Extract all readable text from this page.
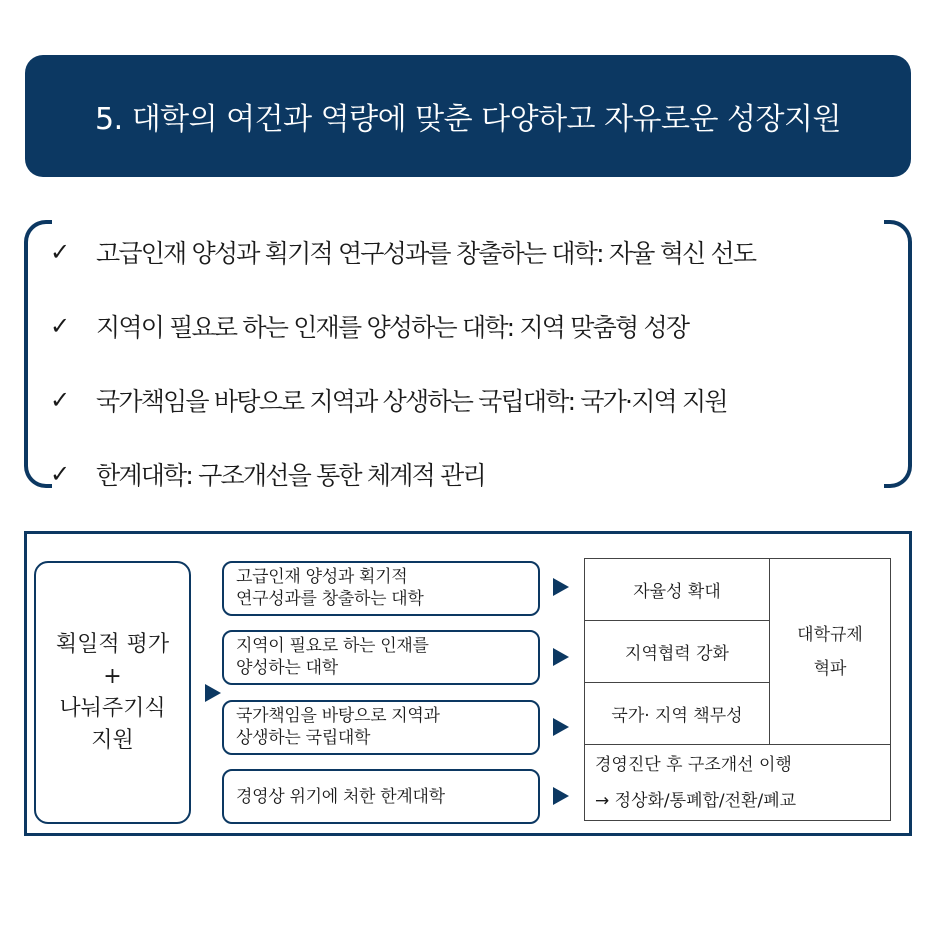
5. 대학의 여건과 역량에 맞춘 다양하고 자유로운 성장지원
✓	고급인재 양성과 획기적 연구성과를 창출하는 대학: 자율 혁신 선도
✓	지역이 필요로 하는 인재를 양성하는 대학: 지역 맞춤형 성장
✓	국가책임을 바탕으로 지역과 상생하는 국립대학: 국가·지역 지원
✓	한계대학: 구조개선을 통한 체계적 관리
획일적 평가
+
나눠주기식
지원
고급인재 양성과 획기적
연구성과를 창출하는 대학
지역이 필요로 하는 인재를
양성하는 대학
국가책임을 바탕으로 지역과
상생하는 국립대학
경영상 위기에 처한 한계대학
자율성 확대
지역협력 강화
국가· 지역 책무성
대학규제
혁파
경영진단 후 구조개선 이행
→ 정상화/통폐합/전환/폐교
